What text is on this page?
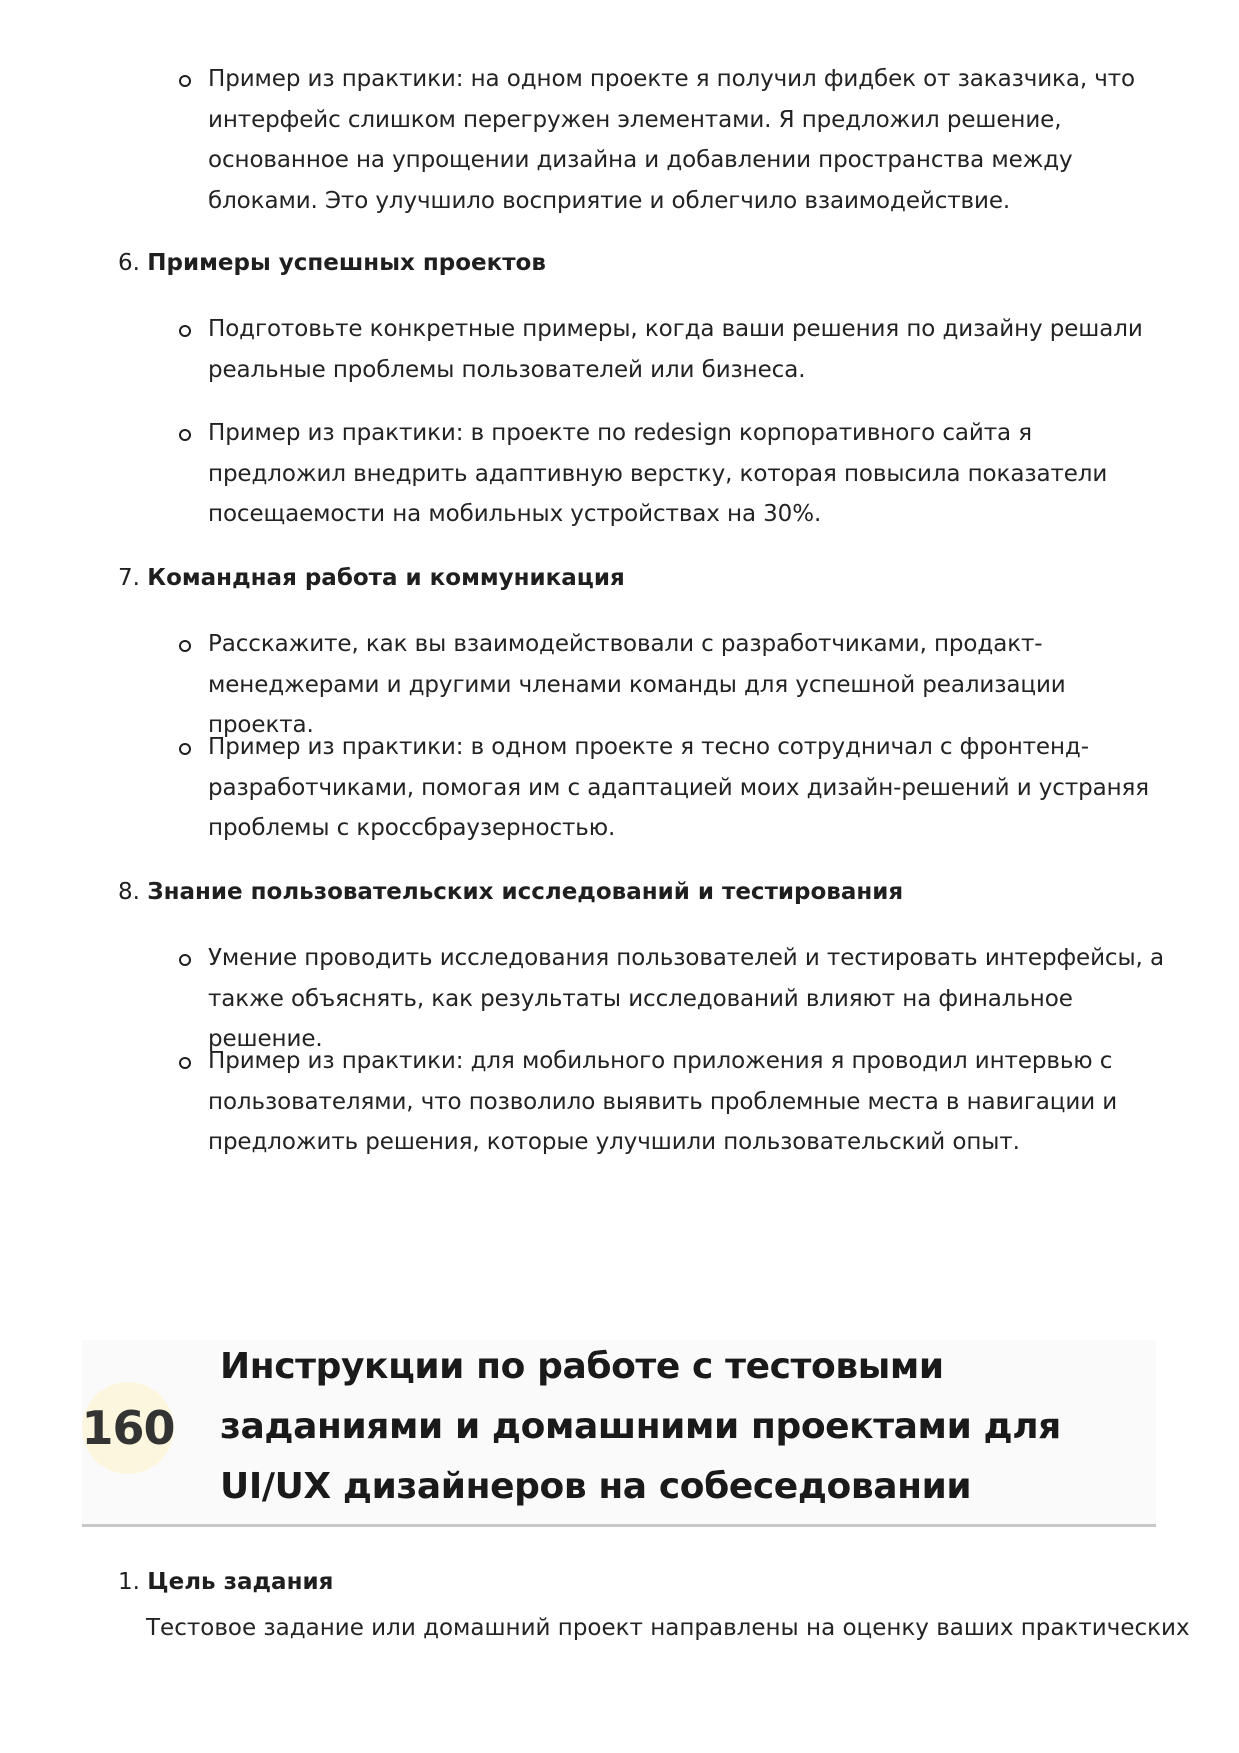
Пример из практики: на одном проекте я получил фидбек от заказчика, что интерфейс слишком перегружен элементами. Я предложил решение, основанное на упрощении дизайна и добавлении пространства между блоками. Это улучшило восприятие и облегчило взаимодействие.
6. Примеры успешных проектов
Подготовьте конкретные примеры, когда ваши решения по дизайну решали реальные проблемы пользователей или бизнеса.
Пример из практики: в проекте по redesign корпоративного сайта я предложил внедрить адаптивную верстку, которая повысила показатели посещаемости на мобильных устройствах на 30%.
7. Командная работа и коммуникация
Расскажите, как вы взаимодействовали с разработчиками, продакт-менеджерами и другими членами команды для успешной реализации проекта.
Пример из практики: в одном проекте я тесно сотрудничал с фронтенд-разработчиками, помогая им с адаптацией моих дизайн-решений и устраняя проблемы с кроссбраузерностью.
8. Знание пользовательских исследований и тестирования
Умение проводить исследования пользователей и тестировать интерфейсы, а также объяснять, как результаты исследований влияют на финальное решение.
Пример из практики: для мобильного приложения я проводил интервью с пользователями, что позволило выявить проблемные места в навигации и предложить решения, которые улучшили пользовательский опыт.
160
Инструкции по работе с тестовыми заданиями и домашними проектами для UI/UX дизайнеров на собеседовании
1. Цель задания
Тестовое задание или домашний проект направлены на оценку ваших практических
